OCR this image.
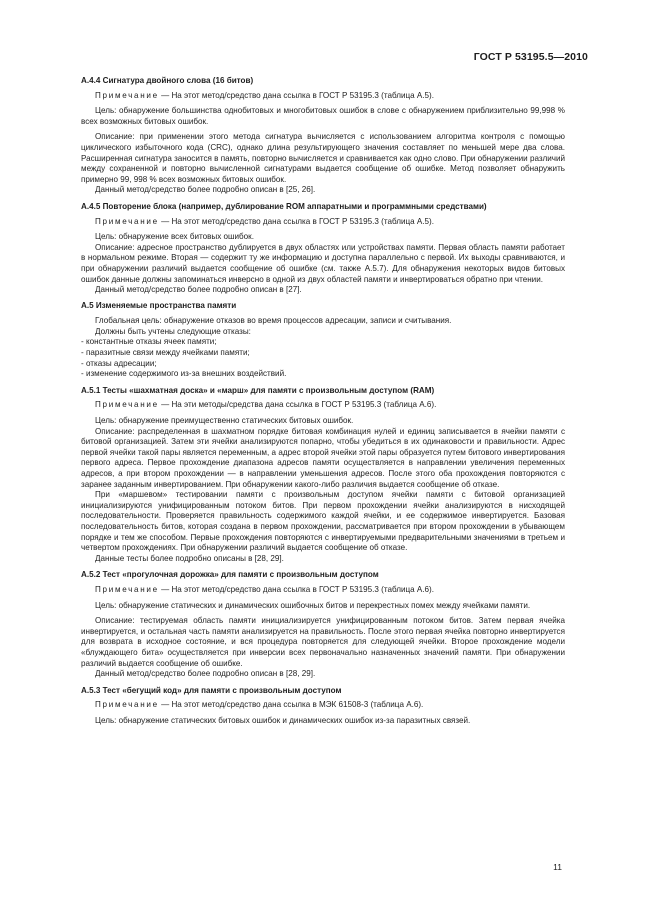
ГОСТ Р 53195.5—2010
А.4.4 Сигнатура двойного слова (16 битов)
Примечание — На этот метод/средство дана ссылка в ГОСТ Р 53195.3 (таблица А.5).
Цель: обнаружение большинства однобитовых и многобитовых ошибок в слове с обнаружением приблизительно 99,998 % всех возможных битовых ошибок.
Описание: при применении этого метода сигнатура вычисляется с использованием алгоритма контроля с помощью циклического избыточного кода (CRC), однако длина результирующего значения составляет по меньшей мере два слова. Расширенная сигнатура заносится в память, повторно вычисляется и сравнивается как одно слово. При обнаружении различий между сохраненной и повторно вычисленной сигнатурами выдается сообщение об ошибке. Метод позволяет обнаружить примерно 99, 998 % всех возможных битовых ошибок.
Данный метод/средство более подробно описан в [25, 26].
А.4.5 Повторение блока (например, дублирование ROM аппаратными и программными средствами)
Примечание — На этот метод/средство дана ссылка в ГОСТ Р 53195.3 (таблица А.5).
Цель: обнаружение всех битовых ошибок.
Описание: адресное пространство дублируется в двух областях или устройствах памяти. Первая область памяти работает в нормальном режиме. Вторая — содержит ту же информацию и доступна параллельно с первой. Их выходы сравниваются, и при обнаружении различий выдается сообщение об ошибке (см. также А.5.7). Для обнаружения некоторых видов битовых ошибок данные должны запоминаться инверсно в одной из двух областей памяти и инвертироваться обратно при чтении.
Данный метод/средство более подробно описан в [27].
А.5 Изменяемые пространства памяти
Глобальная цель: обнаружение отказов во время процессов адресации, записи и считывания.
Должны быть учтены следующие отказы:
- константные отказы ячеек памяти;
- паразитные связи между ячейками памяти;
- отказы адресации;
- изменение содержимого из-за внешних воздействий.
А.5.1 Тесты «шахматная доска» и «марш» для памяти с произвольным доступом (RAM)
Примечание — На эти методы/средства дана ссылка в ГОСТ Р 53195.3 (таблица А.6).
Цель: обнаружение преимущественно статических битовых ошибок.
Описание: распределенная в шахматном порядке битовая комбинация нулей и единиц записывается в ячейки памяти с битовой организацией. Затем эти ячейки анализируются попарно, чтобы убедиться в их одинаковости и правильности. Адрес первой ячейки такой пары является переменным, а адрес второй ячейки этой пары образуется путем битового инвертирования первого адреса. Первое прохождение диапазона адресов памяти осуществляется в направлении увеличения переменных адресов, а при втором прохождении — в направлении уменьшения адресов. После этого оба прохождения повторяются с заранее заданным инвертированием. При обнаружении какого-либо различия выдается сообщение об отказе.
При «маршевом» тестировании памяти с произвольным доступом ячейки памяти с битовой организацией инициализируются унифицированным потоком битов. При первом прохождении ячейки анализируются в нисходящей последовательности. Проверяется правильность содержимого каждой ячейки, и ее содержимое инвертируется. Базовая последовательность битов, которая создана в первом прохождении, рассматривается при втором прохождении в убывающем порядке и тем же способом. Первые прохождения повторяются с инвертируемыми предварительными значениями в третьем и четвертом прохождениях. При обнаружении различий выдается сообщение об отказе.
Данные тесты более подробно описаны в [28, 29].
А.5.2 Тест «прогулочная дорожка» для памяти с произвольным доступом
Примечание — На этот метод/средство дана ссылка в ГОСТ Р 53195.3 (таблица А.6).
Цель: обнаружение статических и динамических ошибочных битов и перекрестных помех между ячейками памяти.
Описание: тестируемая область памяти инициализируется унифицированным потоком битов. Затем первая ячейка инвертируется, и остальная часть памяти анализируется на правильность. После этого первая ячейка повторно инвертируется для возврата в исходное состояние, и вся процедура повторяется для следующей ячейки. Второе прохождение модели «блуждающего бита» осуществляется при инверсии всех первоначально назначенных значений памяти. При обнаружении различий выдается сообщение об ошибке.
Данный метод/средство более подробно описан в [28, 29].
А.5.3 Тест «бегущий код» для памяти с произвольным доступом
Примечание — На этот метод/средство дана ссылка в МЭК 61508-3 (таблица А.6).
Цель: обнаружение статических битовых ошибок и динамических ошибок из-за паразитных связей.
11
